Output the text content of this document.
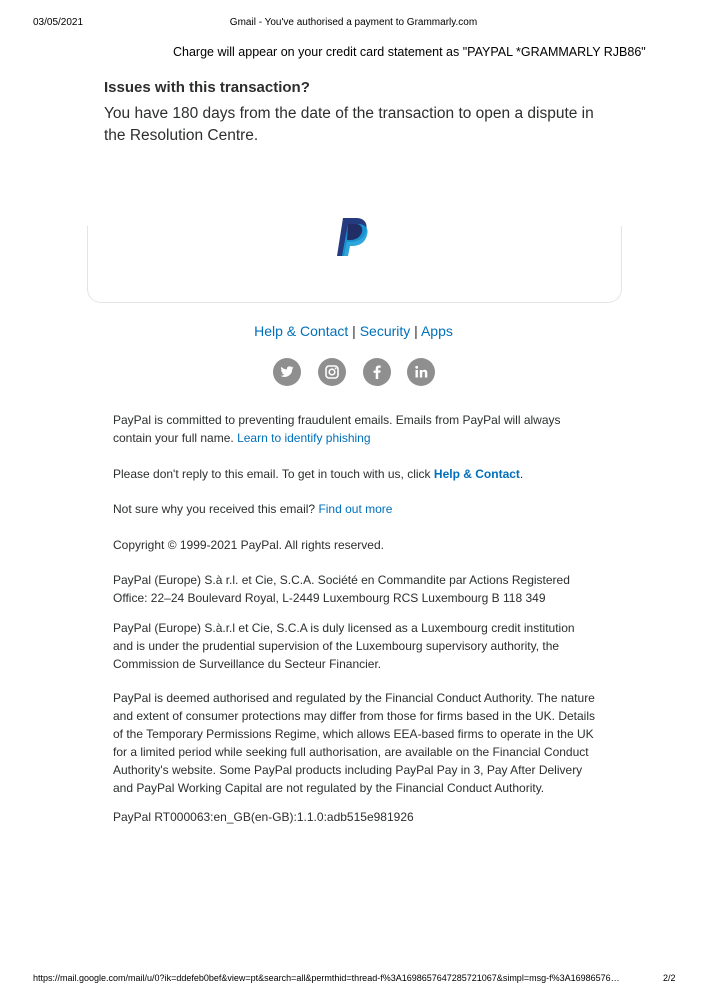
03/05/2021	Gmail - You've authorised a payment to Grammarly.com
Charge will appear on your credit card statement as "PAYPAL *GRAMMARLY RJB86"
Issues with this transaction?
You have 180 days from the date of the transaction to open a dispute in the Resolution Centre.
Help & Contact | Security | Apps
PayPal is committed to preventing fraudulent emails. Emails from PayPal will always contain your full name. Learn to identify phishing
Please don't reply to this email. To get in touch with us, click Help & Contact.
Not sure why you received this email? Find out more
Copyright © 1999-2021 PayPal. All rights reserved.
PayPal (Europe) S.à r.l. et Cie, S.C.A. Société en Commandite par Actions Registered Office: 22–24 Boulevard Royal, L-2449 Luxembourg RCS Luxembourg B 118 349
PayPal (Europe) S.à.r.l et Cie, S.C.A is duly licensed as a Luxembourg credit institution and is under the prudential supervision of the Luxembourg supervisory authority, the Commission de Surveillance du Secteur Financier.
PayPal is deemed authorised and regulated by the Financial Conduct Authority. The nature and extent of consumer protections may differ from those for firms based in the UK. Details of the Temporary Permissions Regime, which allows EEA-based firms to operate in the UK for a limited period while seeking full authorisation, are available on the Financial Conduct Authority's website. Some PayPal products including PayPal Pay in 3, Pay After Delivery and PayPal Working Capital are not regulated by the Financial Conduct Authority.
PayPal RT000063:en_GB(en-GB):1.1.0:adb515e981926
https://mail.google.com/mail/u/0?ik=ddefeb0bef&view=pt&search=all&permthid=thread-f%3A1698657647285721067&simpl=msg-f%3A16986576…	2/2
